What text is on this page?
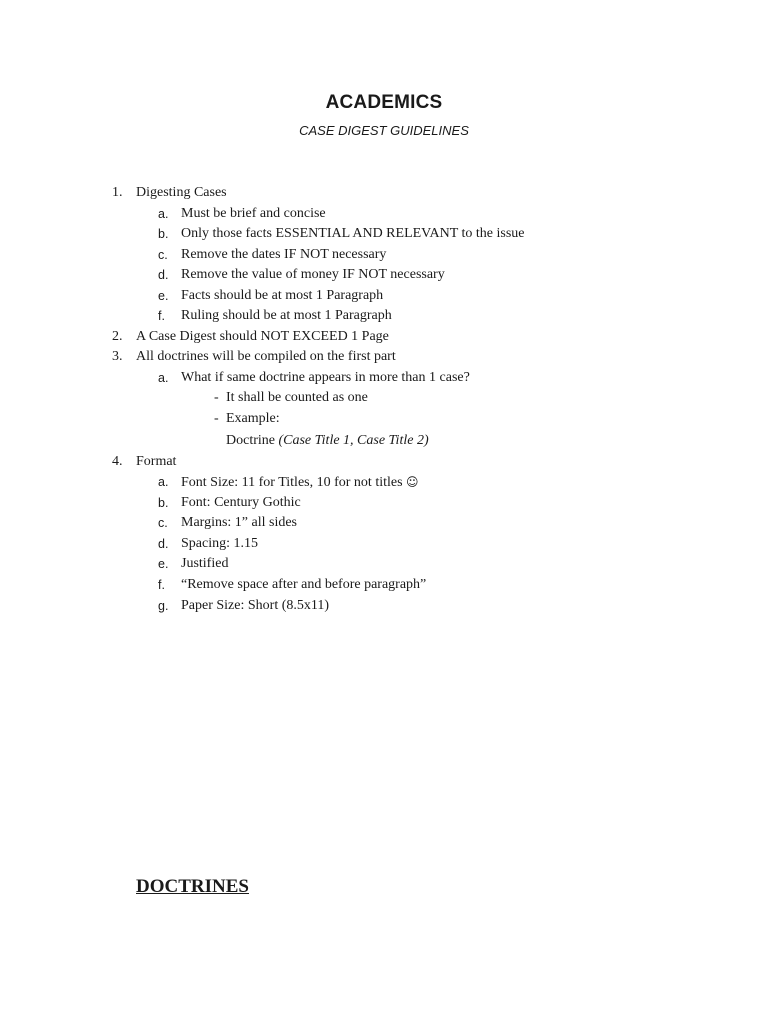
ACADEMICS
CASE DIGEST GUIDELINES
1. Digesting Cases
a. Must be brief and concise
b. Only those facts ESSENTIAL AND RELEVANT to the issue
c. Remove the dates IF NOT necessary
d. Remove the value of money IF NOT necessary
e. Facts should be at most 1 Paragraph
f. Ruling should be at most 1 Paragraph
2. A Case Digest should NOT EXCEED 1 Page
3. All doctrines will be compiled on the first part
a. What if same doctrine appears in more than 1 case?
- It shall be counted as one
- Example:
Doctrine (Case Title 1, Case Title 2)
4. Format
a. Font Size: 11 for Titles, 10 for not titles ☺
b. Font: Century Gothic
c. Margins: 1” all sides
d. Spacing: 1.15
e. Justified
f. “Remove space after and before paragraph”
g. Paper Size: Short (8.5x11)
DOCTRINES
